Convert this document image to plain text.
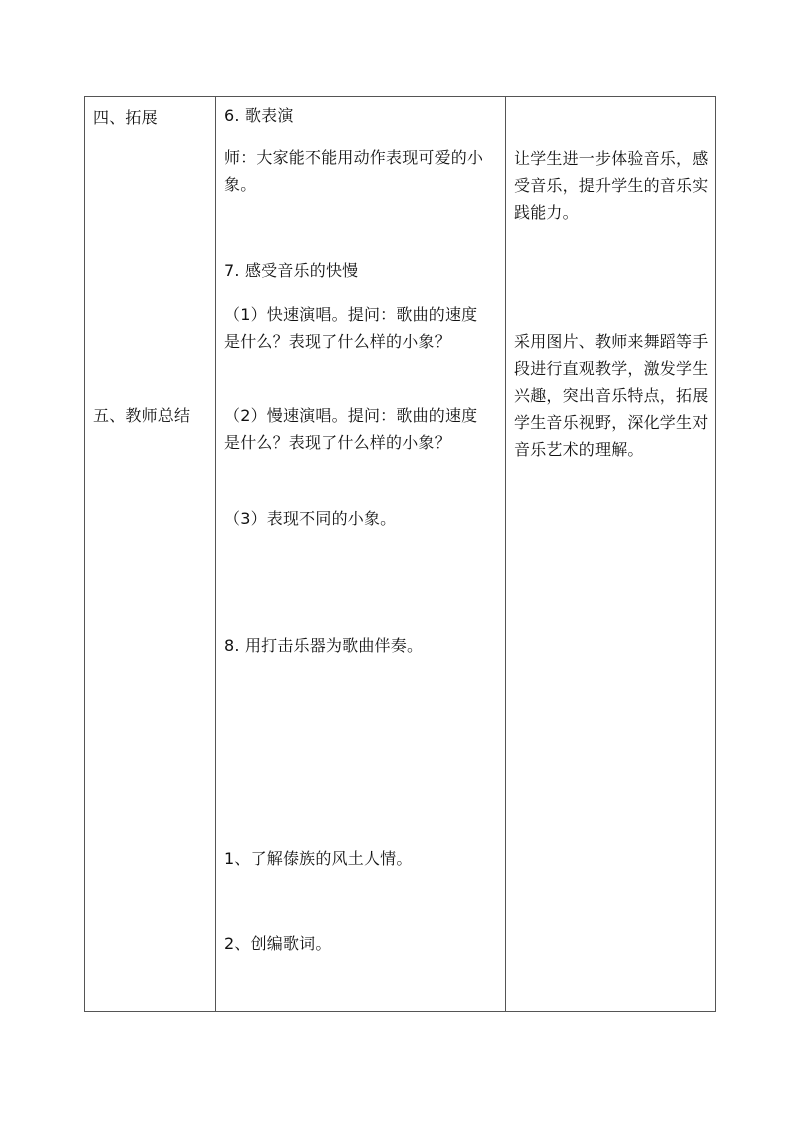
四、拓展
五、教师总结
6. 歌表演
师：大家能不能用动作表现可爱的小象。
7. 感受音乐的快慢
（1）快速演唱。提问：歌曲的速度是什么？表现了什么样的小象？
（2）慢速演唱。提问：歌曲的速度是什么？表现了什么样的小象？
（3）表现不同的小象。
8. 用打击乐器为歌曲伴奏。
1、了解傣族的风土人情。
2、创编歌词。
让学生进一步体验音乐，感受音乐，提升学生的音乐实践能力。
采用图片、教师来舞蹈等手段进行直观教学，激发学生兴趣，突出音乐特点，拓展学生音乐视野，深化学生对音乐艺术的理解。
